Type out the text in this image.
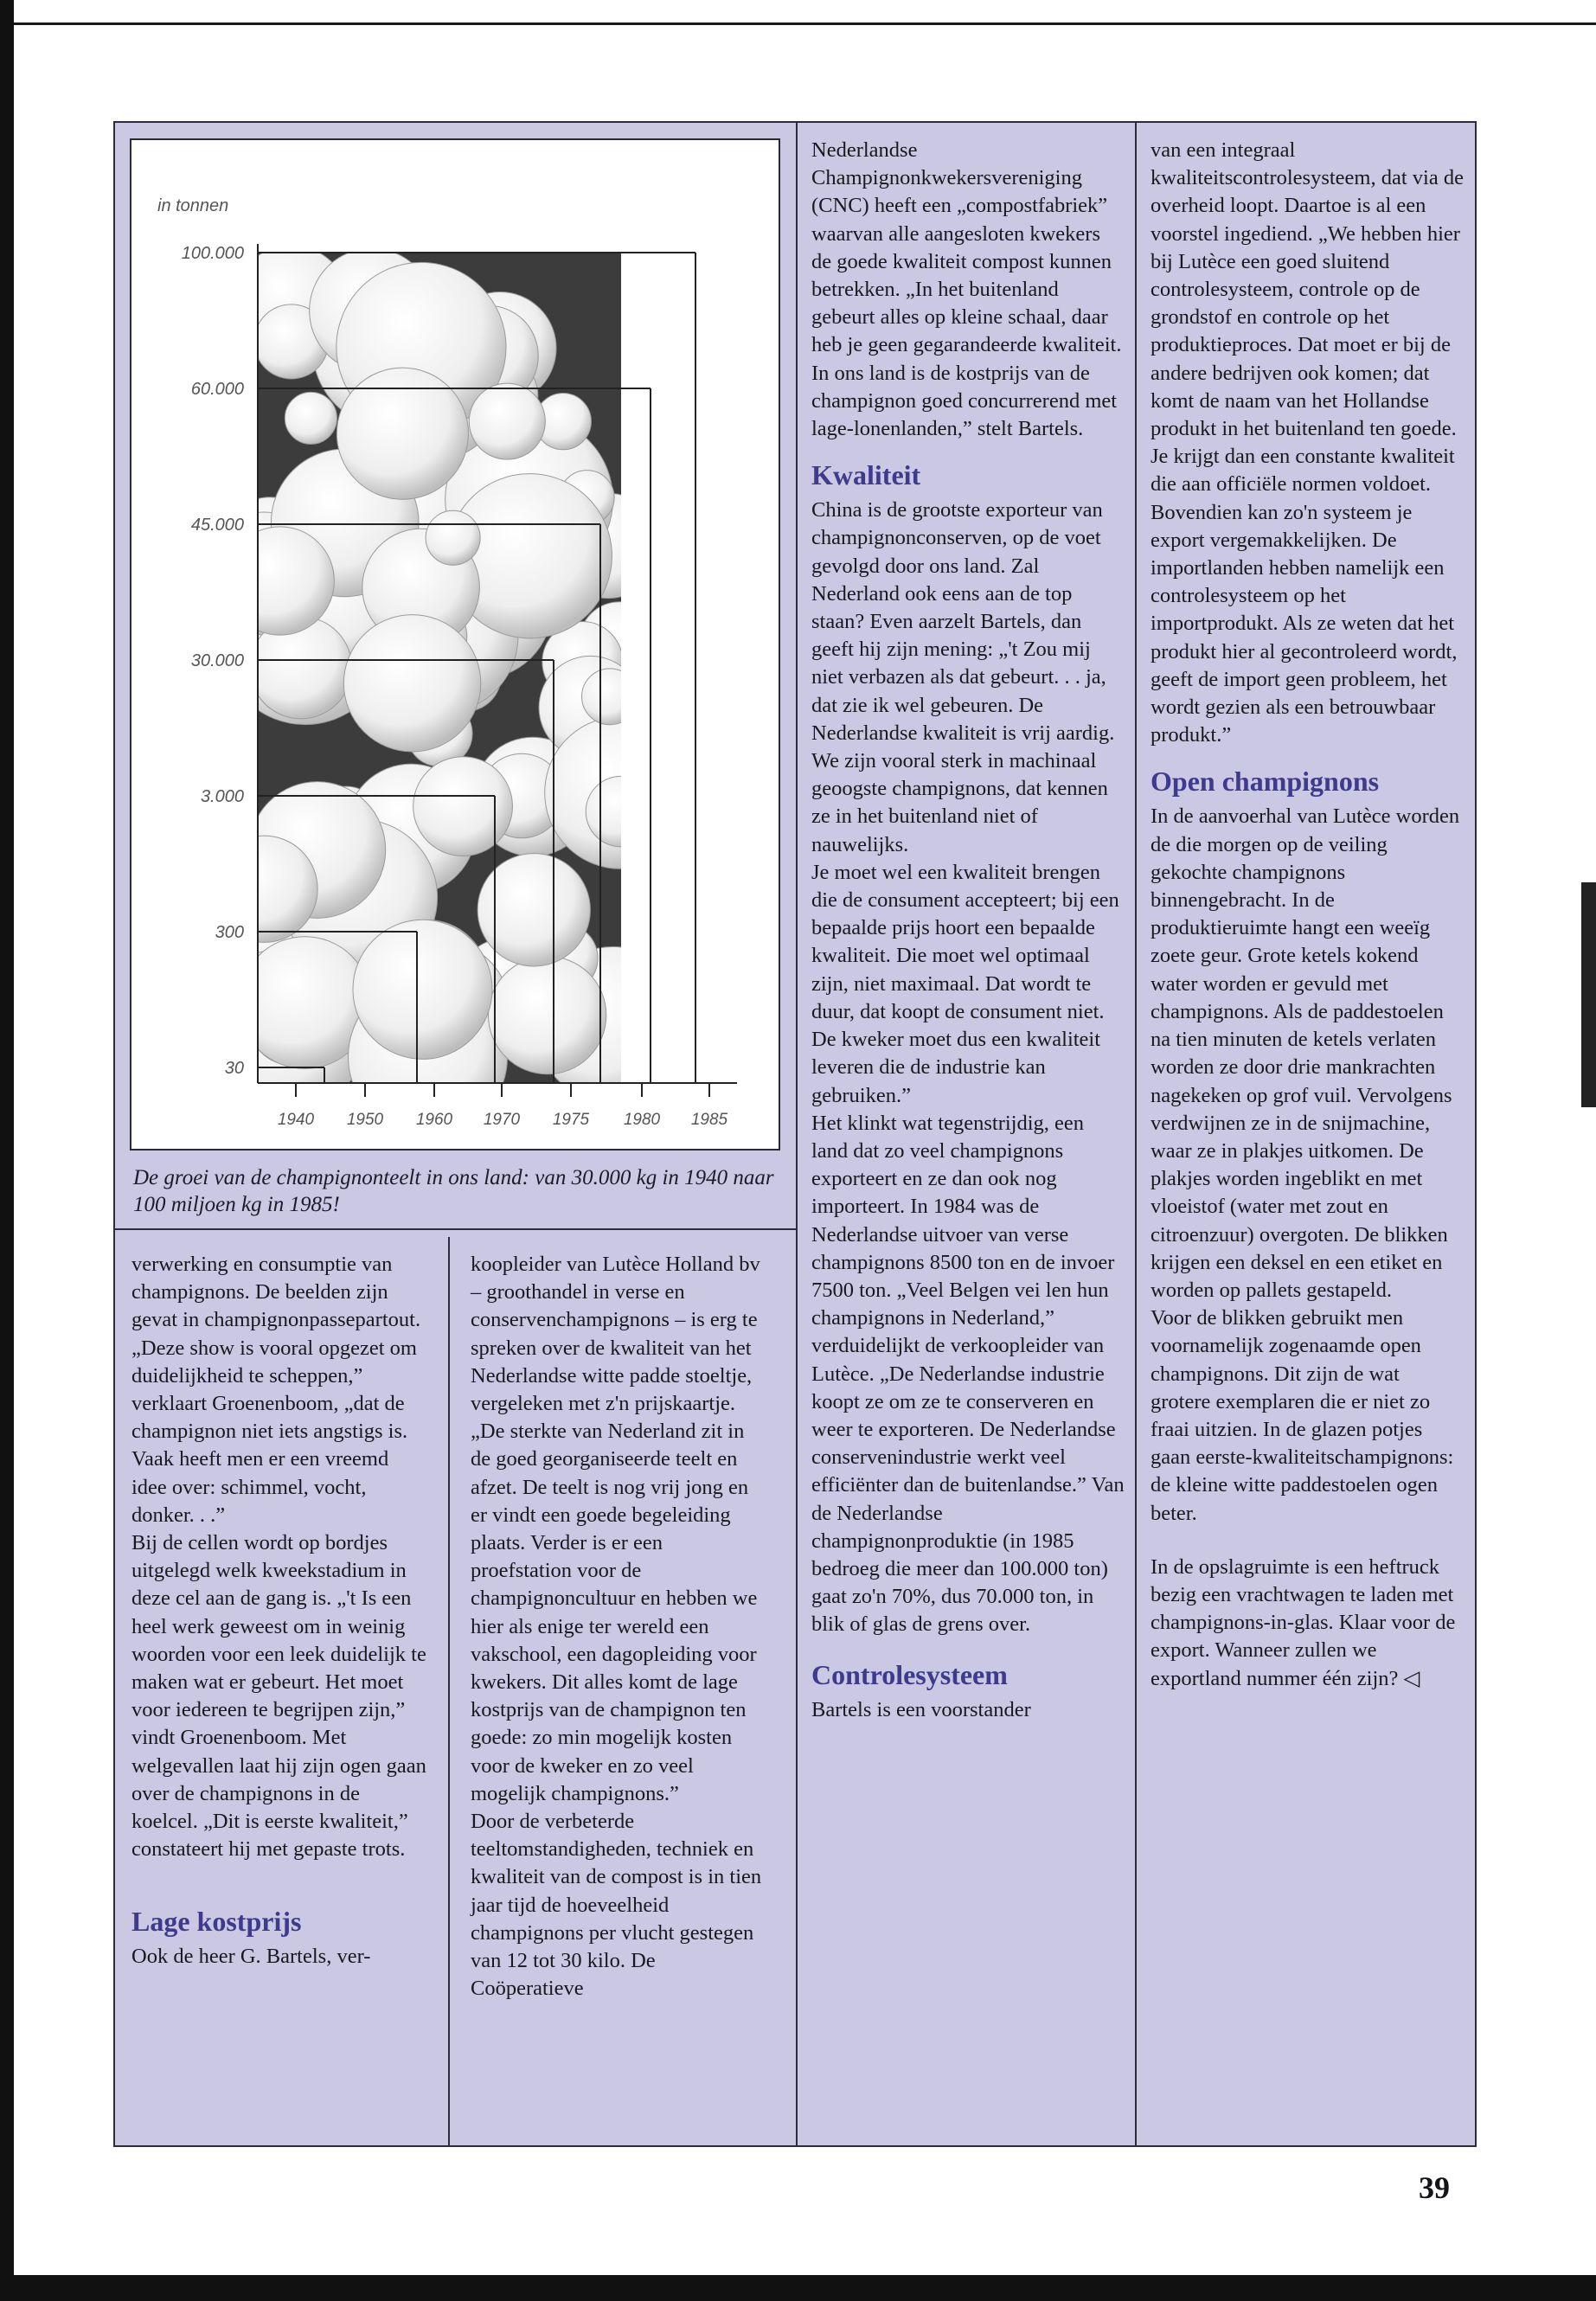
in tonnen
100.000
60.000
45.000
30.000
3.000
300
30
1940 1950 1960 1970 1975 1980 1985
De groei van de champignonteelt in ons land: van 30.000 kg in 1940 naar 100 miljoen kg in 1985!

verwerking en consumptie van champignons. De beelden zijn gevat in champignonpassepartout. „Deze show is vooral opgezet om duidelijkheid te scheppen,” verklaart Groenenboom, „dat de champignon niet iets angstigs is. Vaak heeft men er een vreemd idee over: schimmel, vocht, donker. . .”

Bij de cellen wordt op bordjes uitgelegd welk kweekstadium in deze cel aan de gang is. „'t Is een heel werk geweest om in weinig woorden voor een leek duidelijk te maken wat er gebeurt. Het moet voor iedereen te begrijpen zijn,” vindt Groenenboom. Met welgevallen laat hij zijn ogen gaan over de champignons in de koelcel. „Dit is eerste kwaliteit,” constateert hij met gepaste trots.

Lage kostprijs

Ook de heer G. Bartels, ver-

koopleider van Lutèce Holland bv – groothandel in verse en conservenchampignons – is erg te spreken over de kwaliteit van het Nederlandse witte padde stoeltje, vergeleken met z'n prijskaartje. „De sterkte van Nederland zit in de goed georganiseerde teelt en afzet. De teelt is nog vrij jong en er vindt een goede begeleiding plaats. Verder is er een proefstation voor de champignoncultuur en hebben we hier als enige ter wereld een vakschool, een dagopleiding voor kwekers. Dit alles komt de lage kostprijs van de champignon ten goede: zo min mogelijk kosten voor de kweker en zo veel mogelijk champignons.”

Door de verbeterde teeltomstandigheden, techniek en kwaliteit van de compost is in tien jaar tijd de hoeveelheid champignons per vlucht gestegen van 12 tot 30 kilo. De Coöperatieve

Nederlandse Champignonkwekersvereniging (CNC) heeft een „compostfabriek” waarvan alle aangesloten kwekers de goede kwaliteit compost kunnen betrekken. „In het buitenland gebeurt alles op kleine schaal, daar heb je geen gegarandeerde kwaliteit. In ons land is de kostprijs van de champignon goed concurrerend met lage-lonenlanden,” stelt Bartels.

Kwaliteit

China is de grootste exporteur van champignonconserven, op de voet gevolgd door ons land. Zal Nederland ook eens aan de top staan? Even aarzelt Bartels, dan geeft hij zijn mening: „'t Zou mij niet verbazen als dat gebeurt. . . ja, dat zie ik wel gebeuren. De Nederlandse kwaliteit is vrij aardig. We zijn vooral sterk in machinaal geoogste champignons, dat kennen ze in het buitenland niet of nauwelijks.

Je moet wel een kwaliteit brengen die de consument accepteert; bij een bepaalde prijs hoort een bepaalde kwaliteit. Die moet wel optimaal zijn, niet maximaal. Dat wordt te duur, dat koopt de consument niet. De kweker moet dus een kwaliteit leveren die de industrie kan gebruiken.”

Het klinkt wat tegenstrijdig, een land dat zo veel champignons exporteert en ze dan ook nog importeert. In 1984 was de Nederlandse uitvoer van verse champignons 8500 ton en de invoer 7500 ton. „Veel Belgen vei len hun champignons in Nederland,” verduidelijkt de verkoopleider van Lutèce. „De Nederlandse industrie koopt ze om ze te conserveren en weer te exporteren. De Nederlandse conservenindustrie werkt veel efficiënter dan de buitenlandse.” Van de Nederlandse champignonproduktie (in 1985 bedroeg die meer dan 100.000 ton) gaat zo'n 70%, dus 70.000 ton, in blik of glas de grens over.

Controlesysteem

Bartels is een voorstander

van een integraal kwaliteitscontrolesysteem, dat via de overheid loopt. Daartoe is al een voorstel ingediend. „We hebben hier bij Lutèce een goed sluitend controlesysteem, controle op de grondstof en controle op het produktieproces. Dat moet er bij de andere bedrijven ook komen; dat komt de naam van het Hollandse produkt in het buitenland ten goede. Je krijgt dan een constante kwaliteit die aan officiële normen voldoet. Bovendien kan zo'n systeem je export vergemakkelijken. De importlanden hebben namelijk een controlesysteem op het importprodukt. Als ze weten dat het produkt hier al gecontroleerd wordt, geeft de import geen probleem, het wordt gezien als een betrouwbaar produkt.”

Open champignons

In de aanvoerhal van Lutèce worden de die morgen op de veiling gekochte champignons binnengebracht. In de produktieruimte hangt een weeïg zoete geur. Grote ketels kokend water worden er gevuld met champignons. Als de paddestoelen na tien minuten de ketels verlaten worden ze door drie mankrachten nagekeken op grof vuil. Vervolgens verdwijnen ze in de snijmachine, waar ze in plakjes uitkomen. De plakjes worden ingeblikt en met vloeistof (water met zout en citroenzuur) overgoten. De blikken krijgen een deksel en een etiket en worden op pallets gestapeld.

Voor de blikken gebruikt men voornamelijk zogenaamde open champignons. Dit zijn de wat grotere exemplaren die er niet zo fraai uitzien. In de glazen potjes gaan eerste-kwaliteitschampignons: de kleine witte paddestoelen ogen beter.

In de opslagruimte is een heftruck bezig een vrachtwagen te laden met champignons-in-glas. Klaar voor de export. Wanneer zullen we exportland nummer één zijn? ◁

39
